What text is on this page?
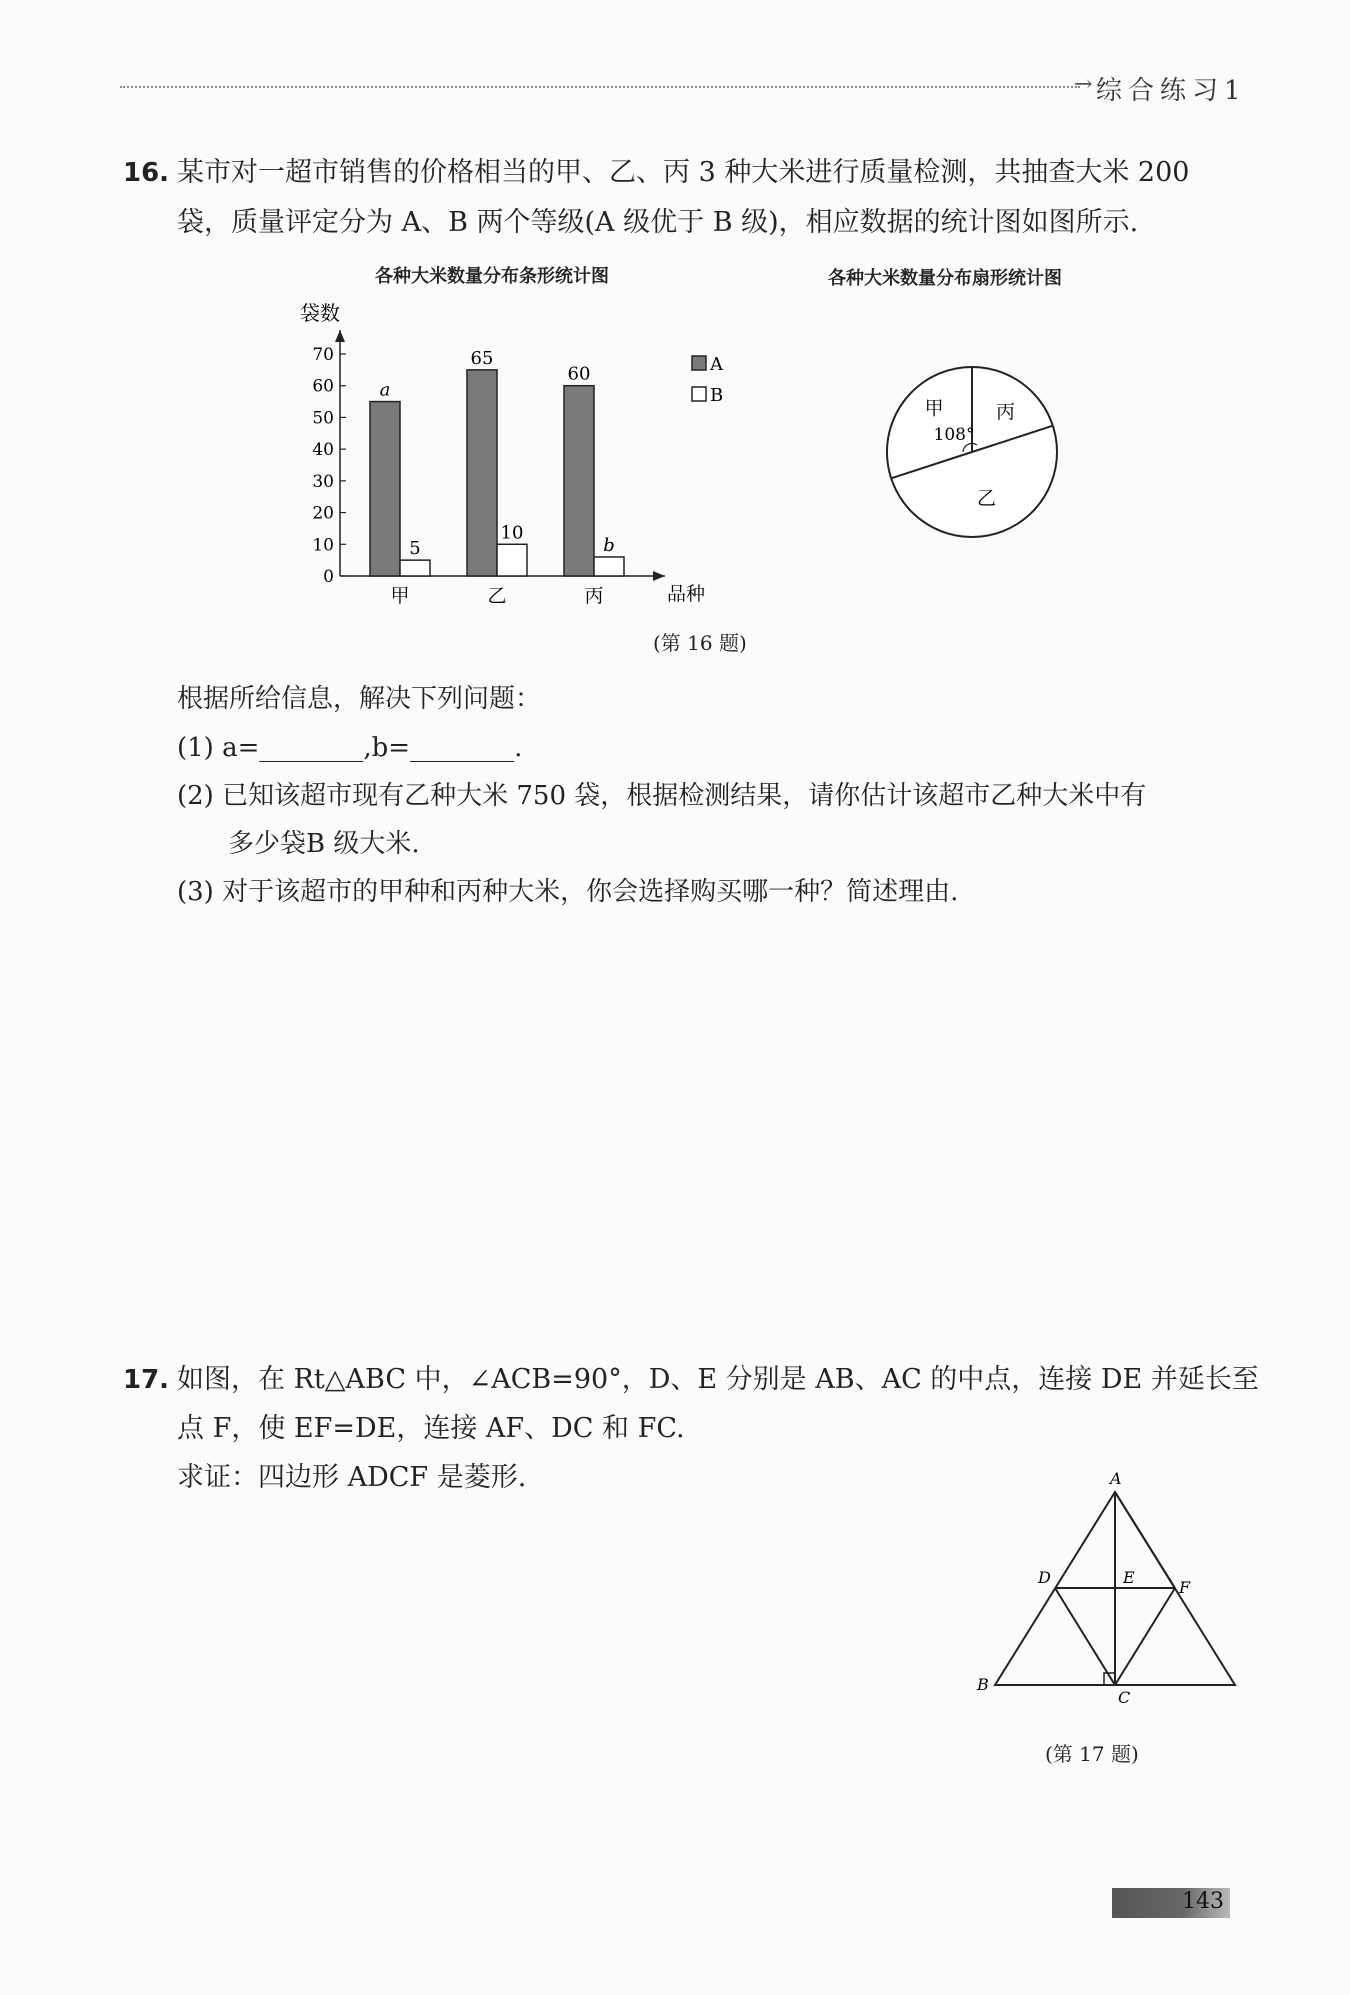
→ 综合练习1
16. 某市对一超市销售的价格相当的甲、乙、丙 3 种大米进行质量检测，共抽查大米 200
袋，质量评定分为 A、B 两个等级(A 级优于 B 级)，相应数据的统计图如图所示.
各种大米数量分布条形统计图
袋数
品种
0
10
20
30
40
50
60
70
a
5
甲
65
10
乙
60
b
丙
A
B
各种大米数量分布扇形统计图
甲	丙
乙
108°
(第 16 题)
根据所给信息，解决下列问题：
(1) a=________,b=________.
(2) 已知该超市现有乙种大米 750 袋，根据检测结果，请你估计该超市乙种大米中有
多少袋B 级大米.
(3) 对于该超市的甲种和丙种大米，你会选择购买哪一种？简述理由.
17. 如图，在 Rt△ABC 中，∠ACB=90°，D、E 分别是 AB、AC 的中点，连接 DE 并延长至
点 F，使 EF=DE，连接 AF、DC 和 FC.
求证：四边形 ADCF 是菱形.	A
B
C
D	E
F
(第 17 题)
143
